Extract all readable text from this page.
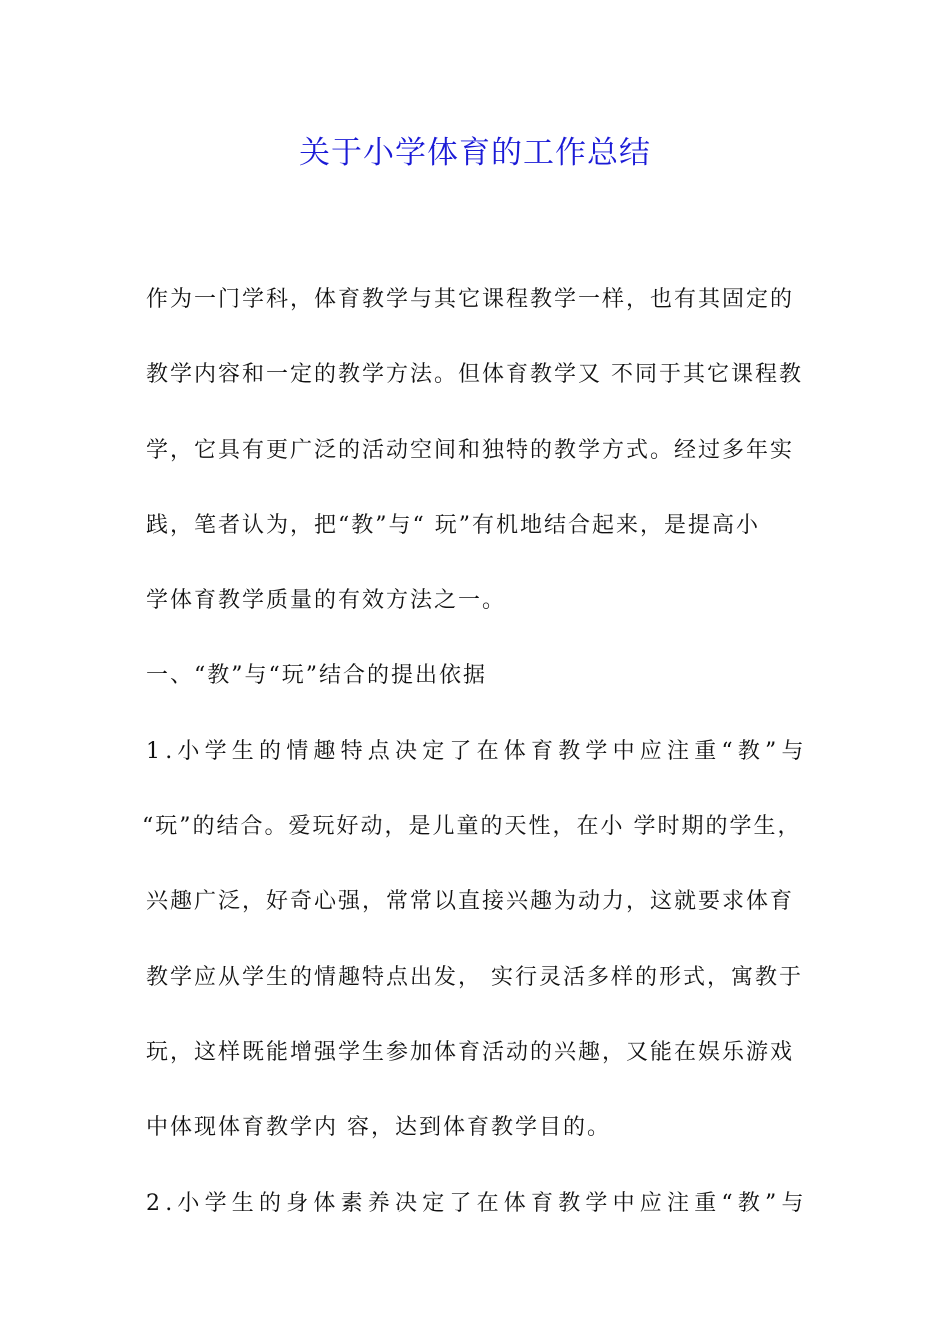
关于小学体育的工作总结
作为一门学科，体育教学与其它课程教学一样，也有其固定的
教学内容和一定的教学方法。但体育教学又 不同于其它课程教
学，它具有更广泛的活动空间和独特的教学方式。经过多年实
践，笔者认为，把“教”与“ 玩”有机地结合起来，是提高小
学体育教学质量的有效方法之一。
一、“教”与“玩”结合的提出依据
1.小学生的情趣特点决定了在体育教学中应注重“教”与
“玩”的结合。爱玩好动，是儿童的天性，在小 学时期的学生，
兴趣广泛，好奇心强，常常以直接兴趣为动力，这就要求体育
教学应从学生的情趣特点出发， 实行灵活多样的形式，寓教于
玩，这样既能增强学生参加体育活动的兴趣，又能在娱乐游戏
中体现体育教学内 容，达到体育教学目的。
2.小学生的身体素养决定了在体育教学中应注重“教”与
